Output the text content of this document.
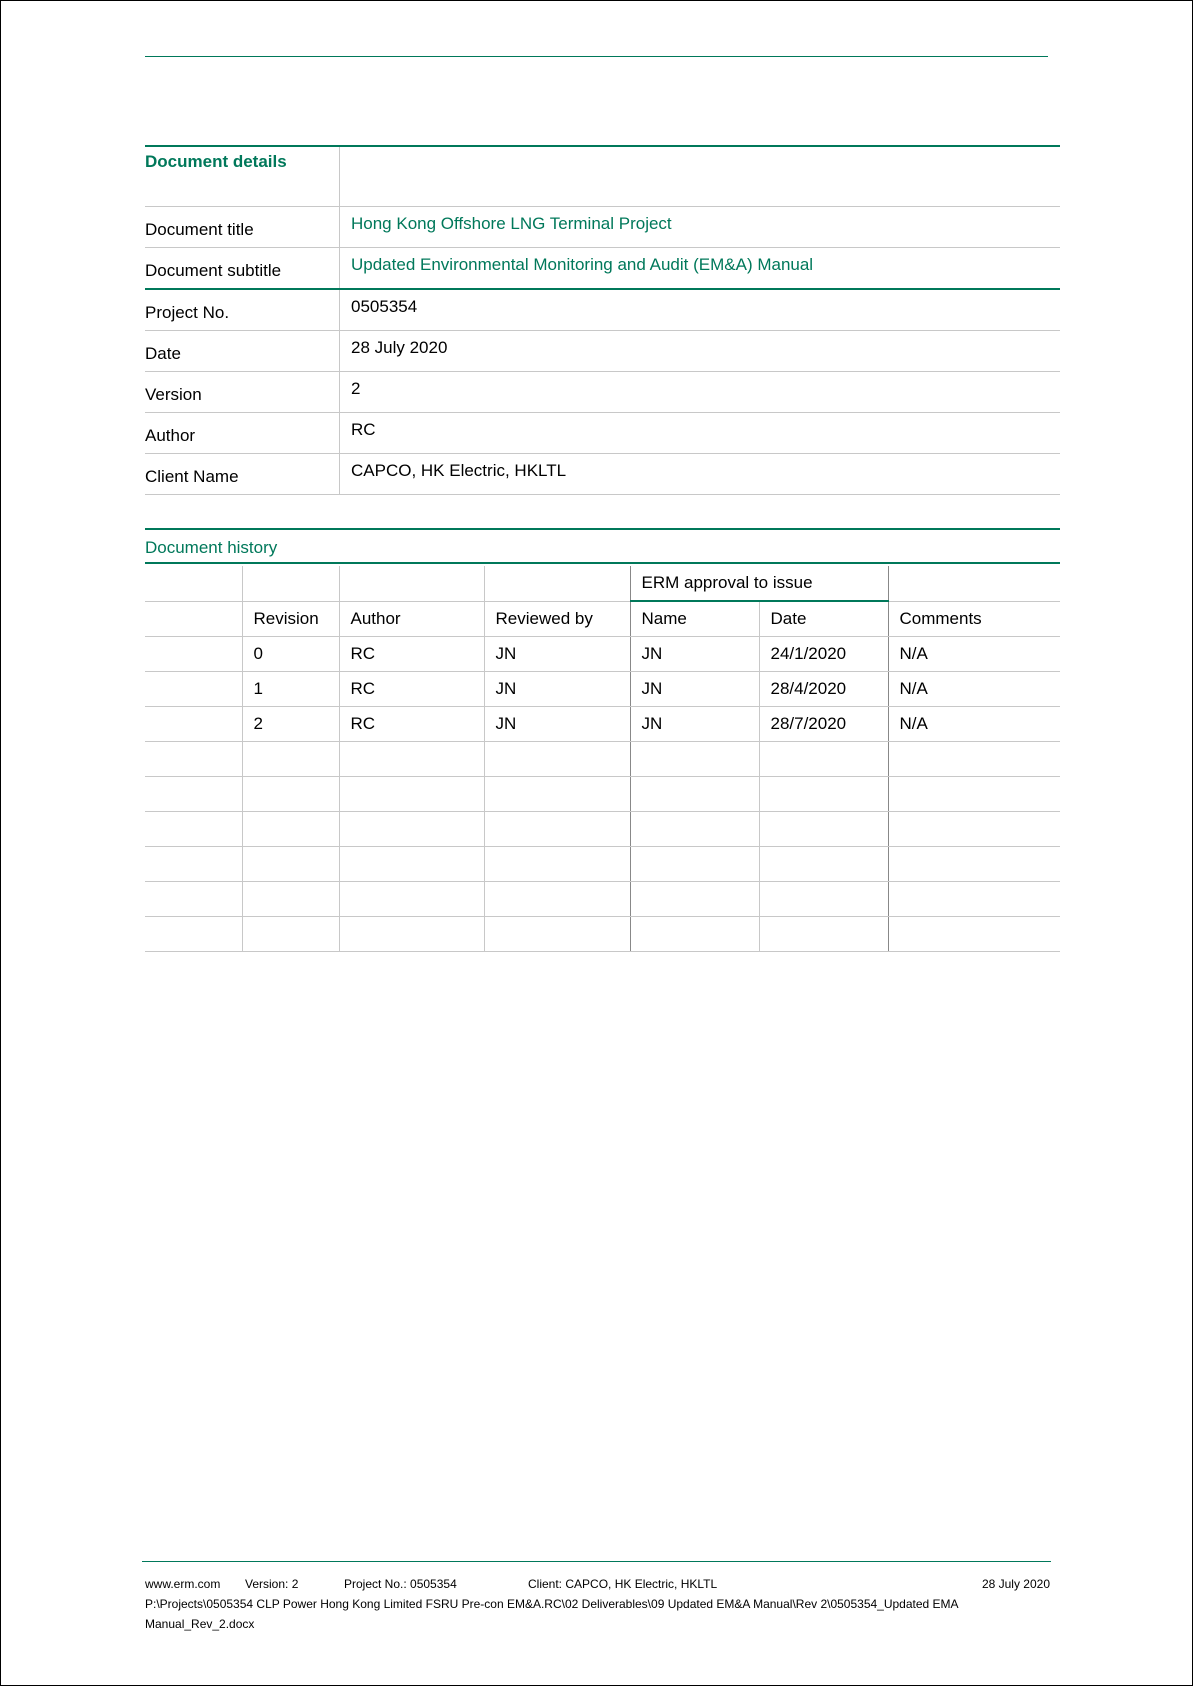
Document details	
Document title	Hong Kong Offshore LNG Terminal Project
Document subtitle	Updated Environmental Monitoring and Audit (EM&A) Manual
Project No.	0505354
Date	28 July 2020
Version	2
Author	RC
Client Name	CAPCO, HK Electric, HKLTL
Document history
				ERM approval to issue		
	Revision	Author	Reviewed by	Name	Date	Comments
	0	RC	JN	JN	24/1/2020	N/A
	1	RC	JN	JN	28/4/2020	N/A
	2	RC	JN	JN	28/7/2020	N/A

www.erm.com Version: 2	Project No.: 0505354	Client: CAPCO, HK Electric, HKLTL	28 July 2020
P:\Projects\0505354 CLP Power Hong Kong Limited FSRU Pre-con EM&A.RC\02 Deliverables\09 Updated EM&A Manual\Rev 2\0505354_Updated EMA Manual_Rev_2.docx
